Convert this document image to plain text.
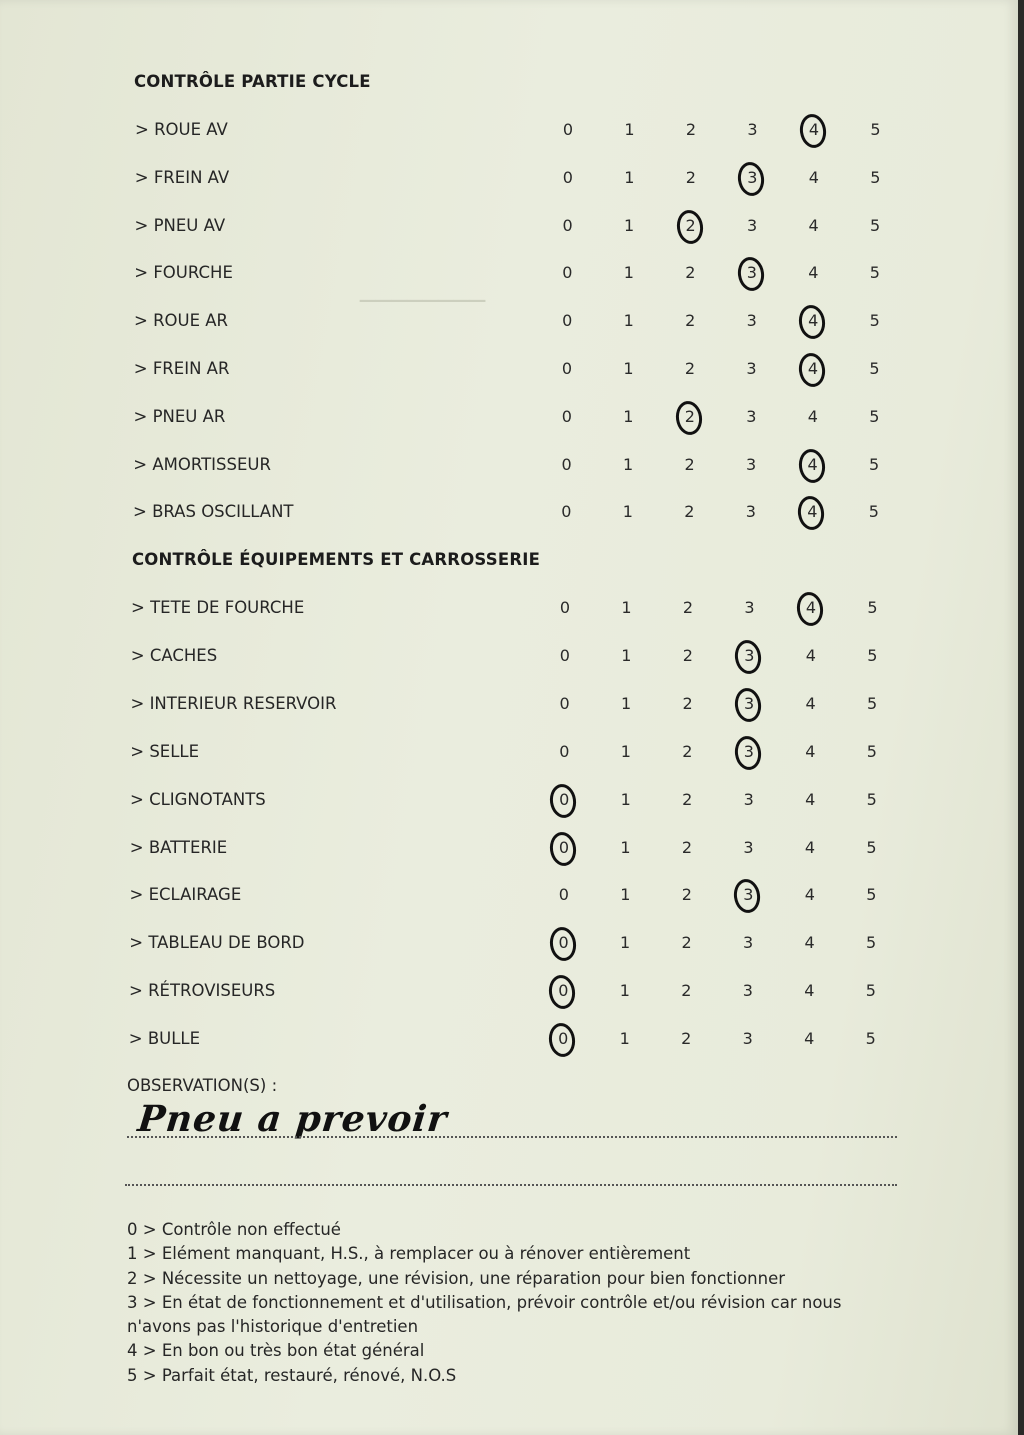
────────
CONTRÔLE PARTIE CYCLE
> ROUE AV	0	1	2	3	4	5
> FREIN AV	0	1	2	3	4	5
> PNEU AV	0	1	2	3	4	5
> FOURCHE	0	1	2	3	4	5
> ROUE AR	0	1	2	3	4	5
> FREIN AR	0	1	2	3	4	5
> PNEU AR	0	1	2	3	4	5
> AMORTISSEUR	0	1	2	3	4	5
> BRAS OSCILLANT	0	1	2	3	4	5
CONTRÔLE ÉQUIPEMENTS ET CARROSSERIE
> TETE DE FOURCHE	0	1	2	3	4	5
> CACHES	0	1	2	3	4	5
> INTERIEUR RESERVOIR	0	1	2	3	4	5
> SELLE	0	1	2	3	4	5
> CLIGNOTANTS	0	1	2	3	4	5
> BATTERIE	0	1	2	3	4	5
> ECLAIRAGE	0	1	2	3	4	5
> TABLEAU DE BORD	0	1	2	3	4	5
> RÉTROVISEURS	0	1	2	3	4	5
> BULLE	0	1	2	3	4	5
OBSERVATION(S) :
Pneu a prevoir
0 > Contrôle non effectué
1 > Elément manquant, H.S., à remplacer ou à rénover entièrement
2 > Nécessite un nettoyage, une révision, une réparation pour bien fonctionner
3 > En état de fonctionnement et d'utilisation, prévoir contrôle et/ou révision car nous
n'avons pas l'historique d'entretien
4 > En bon ou très bon état général
5 > Parfait état, restauré, rénové, N.O.S
